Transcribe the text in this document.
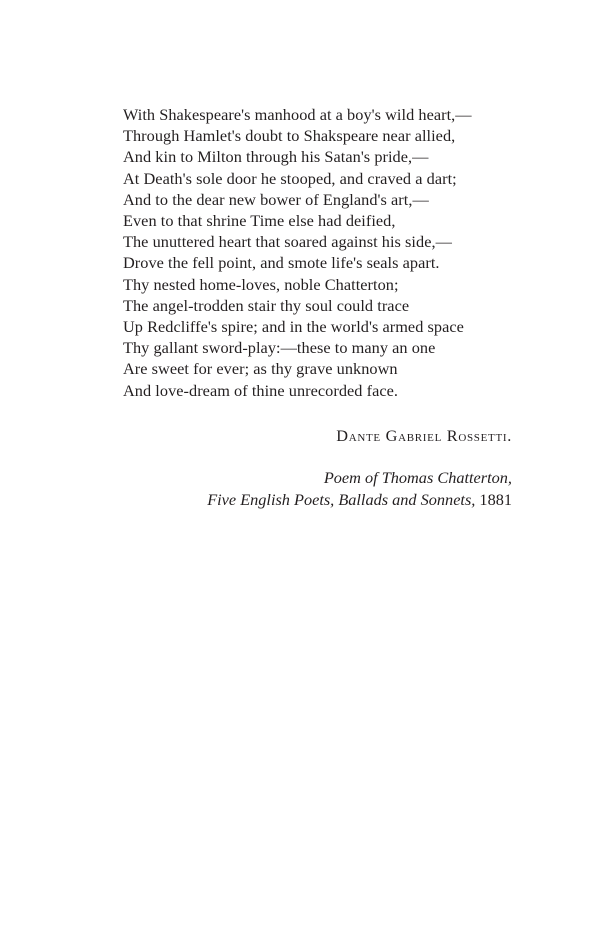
With Shakespeare's manhood at a boy's wild heart,—
Through Hamlet's doubt to Shakspeare near allied,
And kin to Milton through his Satan's pride,—
At Death's sole door he stooped, and craved a dart;
And to the dear new bower of England's art,—
Even to that shrine Time else had deified,
The unuttered heart that soared against his side,—
Drove the fell point, and smote life's seals apart.
Thy nested home-loves, noble Chatterton;
The angel-trodden stair thy soul could trace
Up Redcliffe's spire; and in the world's armed space
Thy gallant sword-play:—these to many an one
Are sweet for ever; as thy grave unknown
And love-dream of thine unrecorded face.
Dante Gabriel Rossetti.
Poem of Thomas Chatterton,
Five English Poets, Ballads and Sonnets, 1881
